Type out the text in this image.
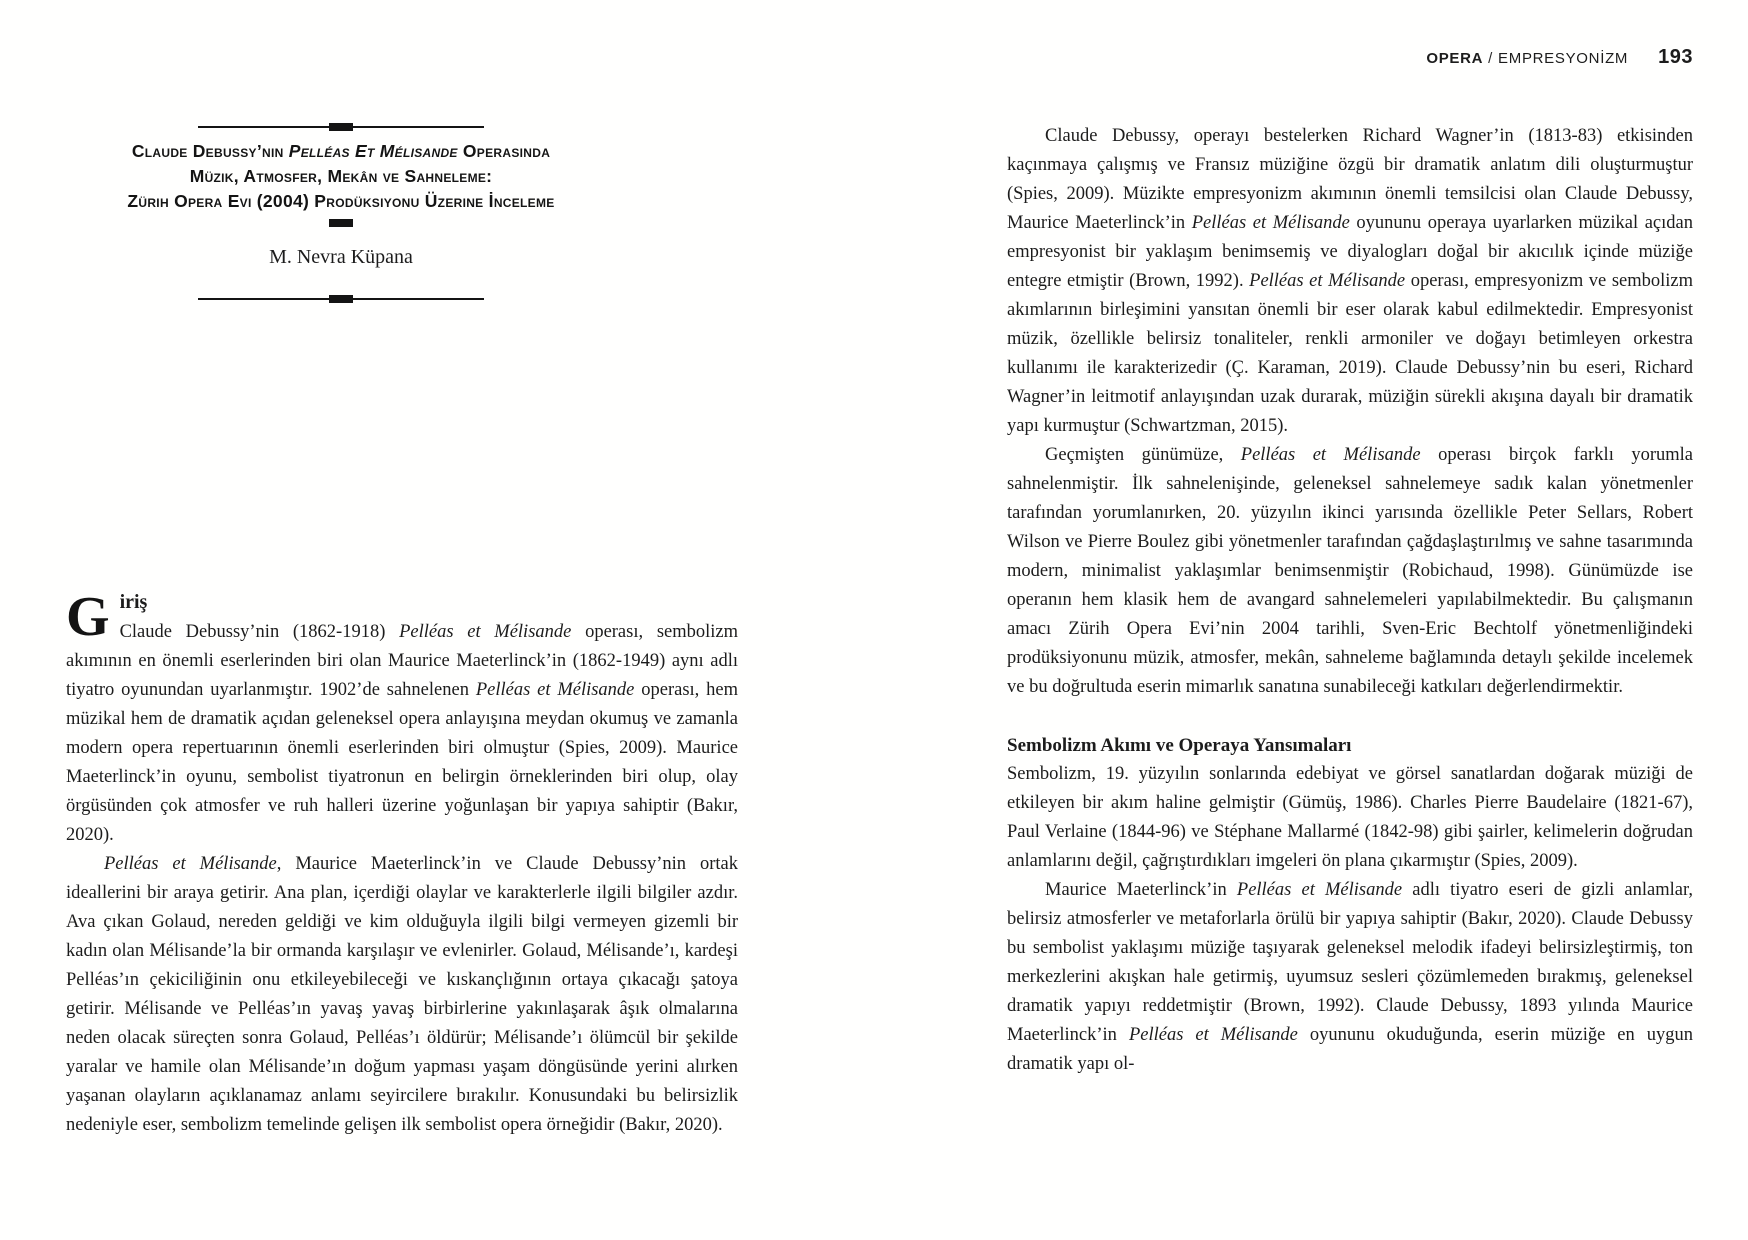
OPERA / EMPRESYONİZM 193
Claude Debussy’nin Pelléas Et Mélisande Operasında
Müzik, Atmosfer, Mekân ve Sahneleme:
Zürih Opera Evi (2004) Prodüksiyonu Üzerine İnceleme
M. Nevra Küpana
Giriş

Claude Debussy’nin (1862-1918) Pelléas et Mélisande operası, sembolizm akımının en önemli eserlerinden biri olan Maurice Maeterlinck’in (1862-1949) aynı adlı tiyatro oyunundan uyarlanmıştır. 1902’de sahnelenen Pelléas et Mélisande operası, hem müzikal hem de dramatik açıdan geleneksel opera anlayışına meydan okumuş ve zamanla modern opera repertuarının önemli eserlerinden biri olmuştur (Spies, 2009). Maurice Maeterlinck’in oyunu, sembolist tiyatronun en belirgin örneklerinden biri olup, olay örgüsünden çok atmosfer ve ruh halleri üzerine yoğunlaşan bir yapıya sahiptir (Bakır, 2020).

Pelléas et Mélisande, Maurice Maeterlinck’in ve Claude Debussy’nin ortak ideallerini bir araya getirir. Ana plan, içerdiği olaylar ve karakterlerle ilgili bilgiler azdır. Ava çıkan Golaud, nereden geldiği ve kim olduğuyla ilgili bilgi vermeyen gizemli bir kadın olan Mélisande’la bir ormanda karşılaşır ve evlenirler. Golaud, Mélisande’ı, kardeşi Pelléas’ın çekiciliğinin onu etkileyebileceği ve kıskançlığının ortaya çıkacağı şatoya getirir. Mélisande ve Pelléas’ın yavaş yavaş birbirlerine yakınlaşarak âşık olmalarına neden olacak süreçten sonra Golaud, Pelléas’ı öldürür; Mélisande’ı ölümcül bir şekilde yaralar ve hamile olan Mélisande’ın doğum yapması yaşam döngüsünde yerini alırken yaşanan olayların açıklanamaz anlamı seyircilere bırakılır. Konusundaki bu belirsizlik nedeniyle eser, sembolizm temelinde gelişen ilk sembolist opera örneğidir (Bakır, 2020).

Claude Debussy, operayı bestelerken Richard Wagner’in (1813-83) etkisinden kaçınmaya çalışmış ve Fransız müziğine özgü bir dramatik anlatım dili oluşturmuştur (Spies, 2009). Müzikte empresyonizm akımının önemli temsilcisi olan Claude Debussy, Maurice Maeterlinck’in Pelléas et Mélisande oyununu operaya uyarlarken müzikal açıdan empresyonist bir yaklaşım benimsemiş ve diyalogları doğal bir akıcılık içinde müziğe entegre etmiştir (Brown, 1992). Pelléas et Mélisande operası, empresyonizm ve sembolizm akımlarının birleşimini yansıtan önemli bir eser olarak kabul edilmektedir. Empresyonist müzik, özellikle belirsiz tonaliteler, renkli armoniler ve doğayı betimleyen orkestra kullanımı ile karakterizedir (Ç. Karaman, 2019). Claude Debussy’nin bu eseri, Richard Wagner’in leitmotif anlayışından uzak durarak, müziğin sürekli akışına dayalı bir dramatik yapı kurmuştur (Schwartzman, 2015).

Geçmişten günümüze, Pelléas et Mélisande operası birçok farklı yorumla sahnelenmiştir. İlk sahnelenişinde, geleneksel sahnelemeye sadık kalan yönetmenler tarafından yorumlanırken, 20. yüzyılın ikinci yarısında özellikle Peter Sellars, Robert Wilson ve Pierre Boulez gibi yönetmenler tarafından çağdaşlaştırılmış ve sahne tasarımında modern, minimalist yaklaşımlar benimsenmiştir (Robichaud, 1998). Günümüzde ise operanın hem klasik hem de avangard sahnelemeleri yapılabilmektedir. Bu çalışmanın amacı Zürih Opera Evi’nin 2004 tarihli, Sven-Eric Bechtolf yönetmenliğindeki prodüksiyonunu müzik, atmosfer, mekân, sahneleme bağlamında detaylı şekilde incelemek ve bu doğrultuda eserin mimarlık sanatına sunabileceği katkıları değerlendirmektir.

Sembolizm Akımı ve Operaya Yansımaları

Sembolizm, 19. yüzyılın sonlarında edebiyat ve görsel sanatlardan doğarak müziği de etkileyen bir akım haline gelmiştir (Gümüş, 1986). Charles Pierre Baudelaire (1821-67), Paul Verlaine (1844-96) ve Stéphane Mallarmé (1842-98) gibi şairler, kelimelerin doğrudan anlamlarını değil, çağrıştırdıkları imgeleri ön plana çıkarmıştır (Spies, 2009).

Maurice Maeterlinck’in Pelléas et Mélisande adlı tiyatro eseri de gizli anlamlar, belirsiz atmosferler ve metaforlarla örülü bir yapıya sahiptir (Bakır, 2020). Claude Debussy bu sembolist yaklaşımı müziğe taşıyarak geleneksel melodik ifadeyi belirsizleştirmiş, ton merkezlerini akışkan hale getirmiş, uyumsuz sesleri çözümlemeden bırakmış, geleneksel dramatik yapıyı reddetmiştir (Brown, 1992). Claude Debussy, 1893 yılında Maurice Maeterlinck’in Pelléas et Mélisande oyununu okuduğunda, eserin müziğe en uygun dramatik yapı ol-
